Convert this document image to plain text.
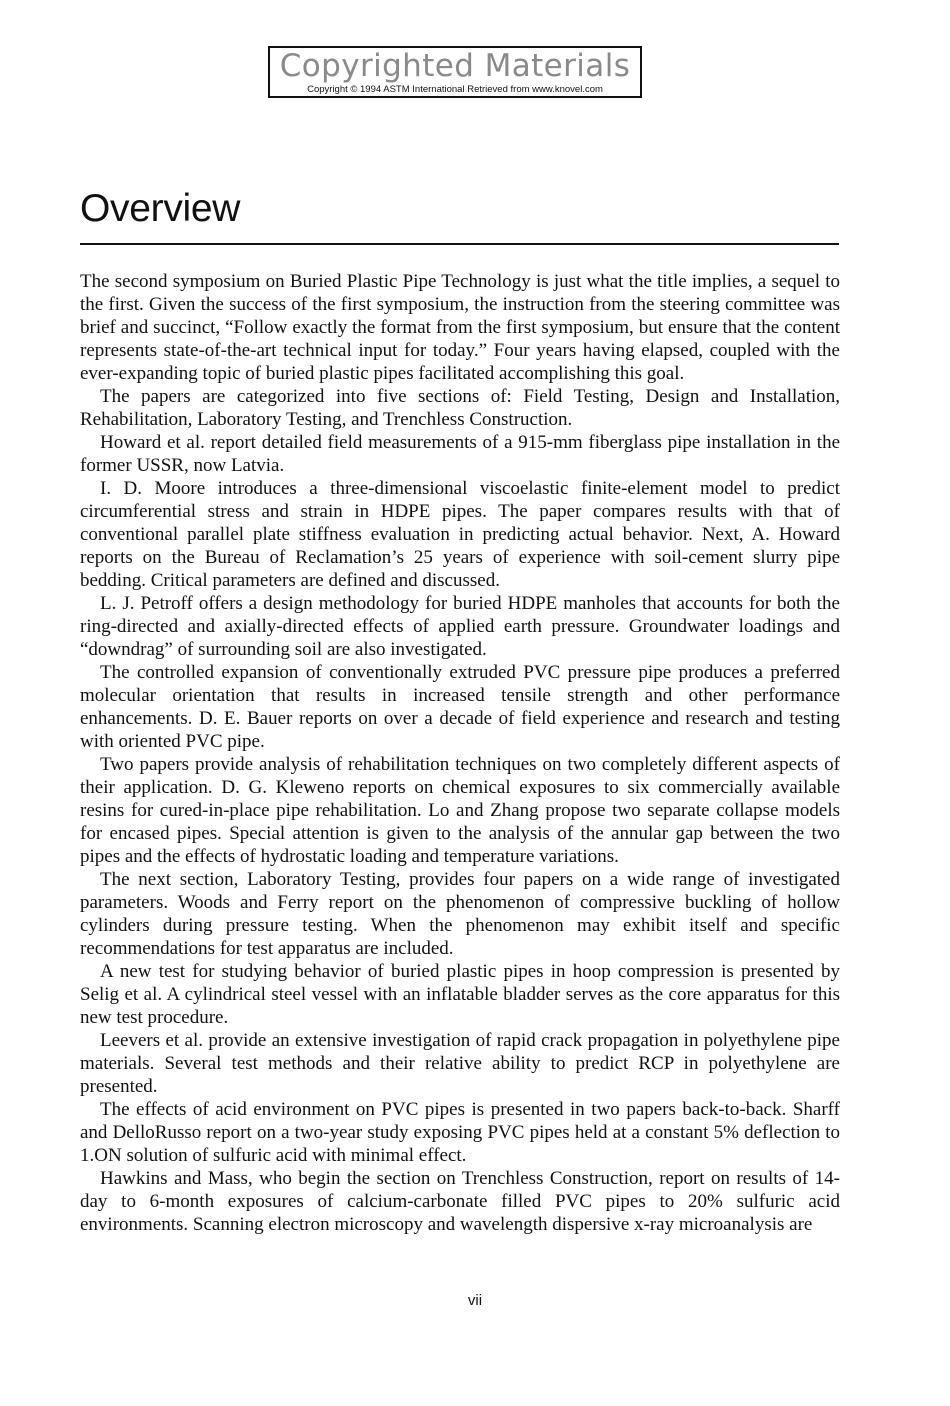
Copyrighted Materials
Copyright © 1994 ASTM International Retrieved from www.knovel.com
Overview

The second symposium on Buried Plastic Pipe Technology is just what the title implies, a sequel to the first. Given the success of the first symposium, the instruction from the steering committee was brief and succinct, “Follow exactly the format from the first symposium, but ensure that the content represents state-of-the-art technical input for today.” Four years having elapsed, coupled with the ever-expanding topic of buried plastic pipes facilitated accomplishing this goal.

The papers are categorized into five sections of: Field Testing, Design and Installation, Rehabilitation, Laboratory Testing, and Trenchless Construction.

Howard et al. report detailed field measurements of a 915-mm fiberglass pipe installation in the former USSR, now Latvia.

I. D. Moore introduces a three-dimensional viscoelastic finite-element model to predict circumferential stress and strain in HDPE pipes. The paper compares results with that of conventional parallel plate stiffness evaluation in predicting actual behavior. Next, A. Howard reports on the Bureau of Reclamation’s 25 years of experience with soil-cement slurry pipe bedding. Critical parameters are defined and discussed.

L. J. Petroff offers a design methodology for buried HDPE manholes that accounts for both the ring-directed and axially-directed effects of applied earth pressure. Groundwater loadings and “downdrag” of surrounding soil are also investigated.

The controlled expansion of conventionally extruded PVC pressure pipe produces a preferred molecular orientation that results in increased tensile strength and other performance enhancements. D. E. Bauer reports on over a decade of field experience and research and testing with oriented PVC pipe.

Two papers provide analysis of rehabilitation techniques on two completely different aspects of their application. D. G. Kleweno reports on chemical exposures to six commercially available resins for cured-in-place pipe rehabilitation. Lo and Zhang propose two separate collapse models for encased pipes. Special attention is given to the analysis of the annular gap between the two pipes and the effects of hydrostatic loading and temperature variations.

The next section, Laboratory Testing, provides four papers on a wide range of investigated parameters. Woods and Ferry report on the phenomenon of compressive buckling of hollow cylinders during pressure testing. When the phenomenon may exhibit itself and specific recommendations for test apparatus are included.

A new test for studying behavior of buried plastic pipes in hoop compression is presented by Selig et al. A cylindrical steel vessel with an inflatable bladder serves as the core apparatus for this new test procedure.

Leevers et al. provide an extensive investigation of rapid crack propagation in polyethylene pipe materials. Several test methods and their relative ability to predict RCP in polyethylene are presented.

The effects of acid environment on PVC pipes is presented in two papers back-to-back. Sharff and DelloRusso report on a two-year study exposing PVC pipes held at a constant 5% deflection to 1.ON solution of sulfuric acid with minimal effect.

Hawkins and Mass, who begin the section on Trenchless Construction, report on results of 14-day to 6-month exposures of calcium-carbonate filled PVC pipes to 20% sulfuric acid environments. Scanning electron microscopy and wavelength dispersive x-ray microanalysis are

vii
